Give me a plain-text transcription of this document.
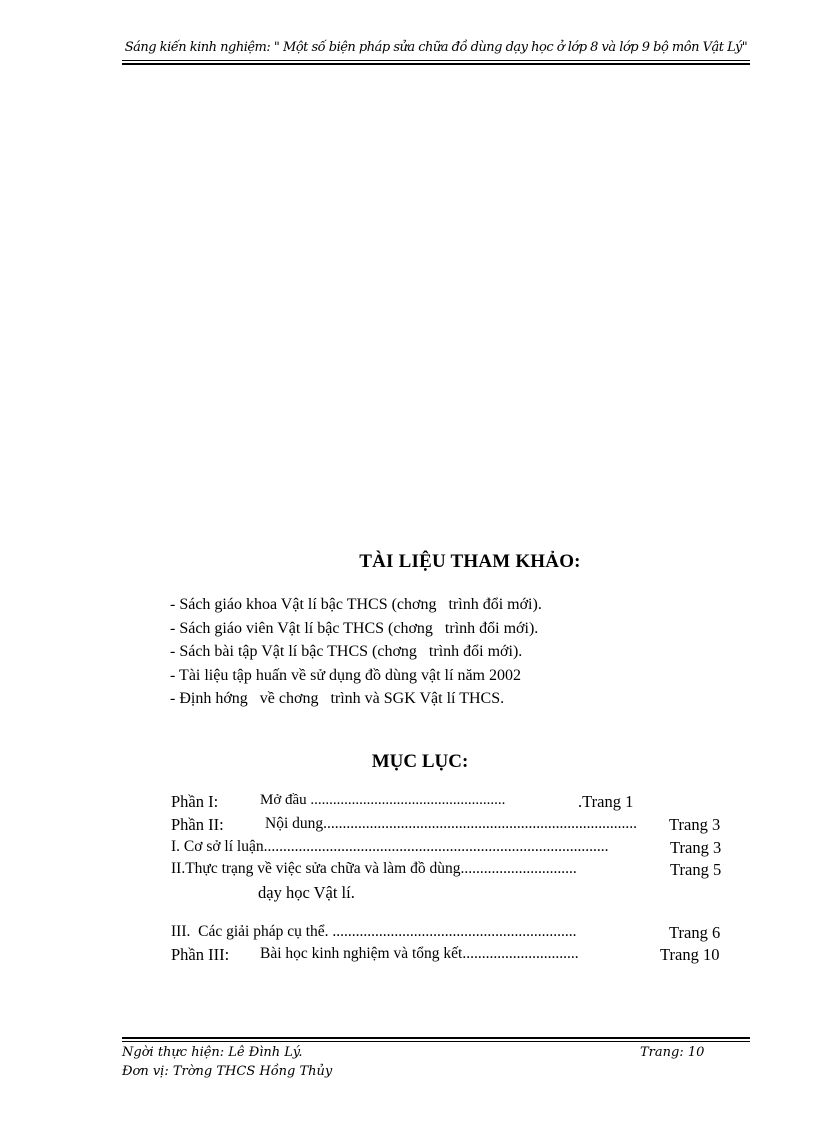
Sáng kiến kinh nghiệm: " Một số biện pháp sửa chữa đồ dùng dạy học ở lớp 8 và lớp 9 bộ môn Vật Lý"
TÀI LIỆU THAM KHẢO:
- Sách giáo khoa Vật lí bậc THCS (chơng   trình đổi mới).
- Sách giáo viên Vật lí bậc THCS (chơng   trình đổi mới).
- Sách bài tập Vật lí bậc THCS (chơng   trình đổi mới).
- Tài liệu tập huấn về sử dụng đồ dùng vật lí năm 2002
- Định hớng   về chơng   trình và SGK Vật lí THCS.
MỤC LỤC:
Phần I:	Mở đầu ....................................................	.Trang 1
Phần II:	Nội dung................................................................................. Trang 3
I. Cơ sở lí luận.........................................................................................	Trang 3
II.Thực trạng về việc sửa chữa và làm đồ dùng..............................	Trang 5
dạy học Vật lí.
III.  Các giải pháp cụ thể. ...............................................................	Trang 6
Phần III: Bài học kinh nghiệm và tổng kết..............................	Trang 10
Ngời thực hiện: Lê Đình Lý.
Đơn vị: Trờng THCS Hồng Thủy
Trang: 10
